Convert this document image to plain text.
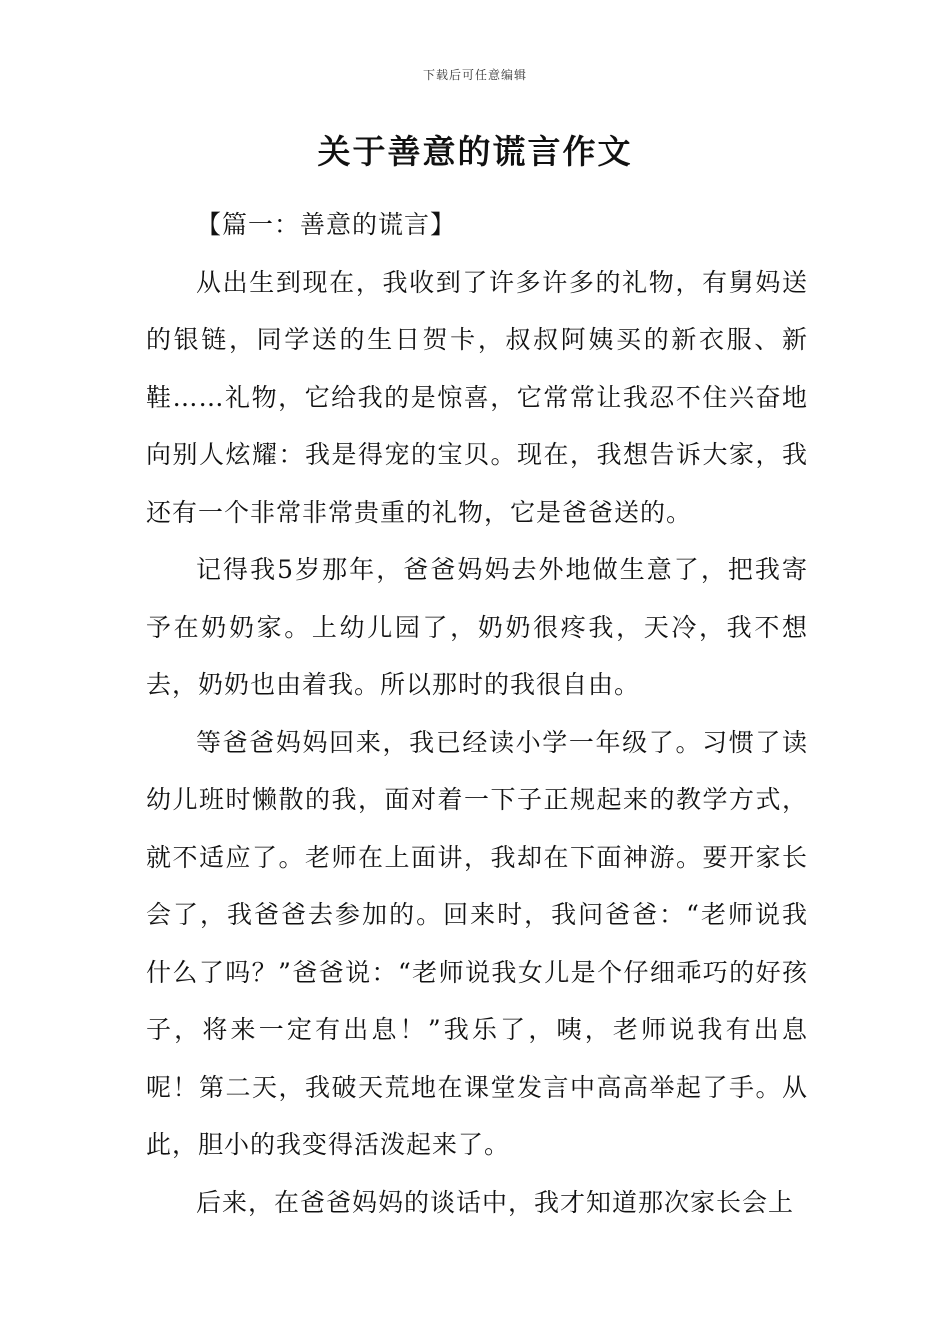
下载后可任意编辑
关于善意的谎言作文

【篇一：善意的谎言】

从出生到现在，我收到了许多许多的礼物，有舅妈送的银链，同学送的生日贺卡，叔叔阿姨买的新衣服、新鞋……礼物，它给我的是惊喜，它常常让我忍不住兴奋地向别人炫耀：我是得宠的宝贝。现在，我想告诉大家，我还有一个非常非常贵重的礼物，它是爸爸送的。

记得我5岁那年，爸爸妈妈去外地做生意了，把我寄予在奶奶家。上幼儿园了，奶奶很疼我，天冷，我不想去，奶奶也由着我。所以那时的我很自由。

等爸爸妈妈回来，我已经读小学一年级了。习惯了读幼儿班时懒散的我，面对着一下子正规起来的教学方式，就不适应了。老师在上面讲，我却在下面神游。要开家长会了，我爸爸去参加的。回来时，我问爸爸：“老师说我什么了吗？”爸爸说：“老师说我女儿是个仔细乖巧的好孩子，将来一定有出息！”我乐了，咦，老师说我有出息呢！第二天，我破天荒地在课堂发言中高高举起了手。从此，胆小的我变得活泼起来了。

后来，在爸爸妈妈的谈话中，我才知道那次家长会上
